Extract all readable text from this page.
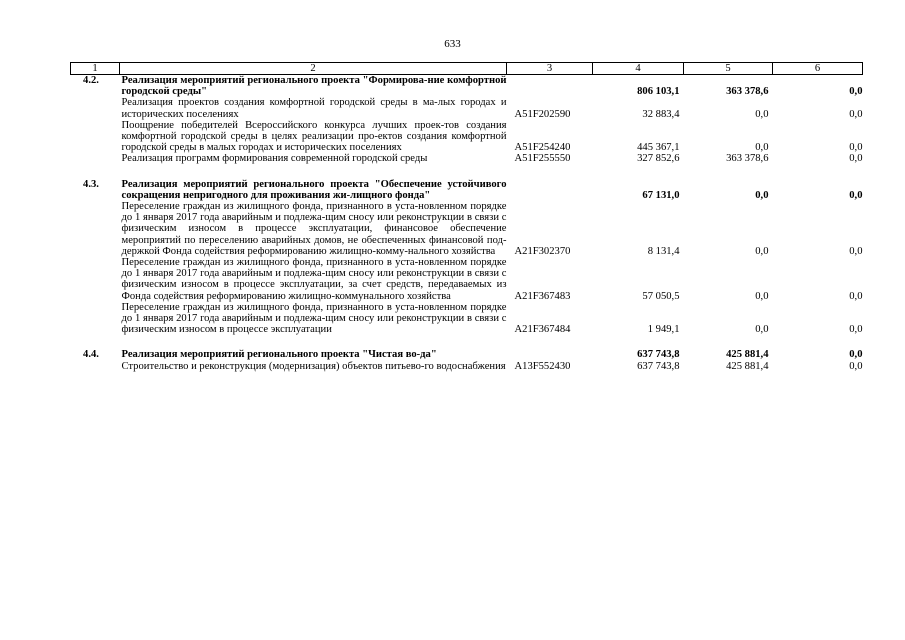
633
1	2	3	4	5	6
4.2.	Реализация мероприятий регионального проекта "Формирова-ние комфортной городской среды"		806 103,1	363 378,6	0,0
	Реализация проектов создания комфортной городской среды в ма-лых городах и исторических поселениях	A51F202590	32 883,4	0,0	0,0
	Поощрение победителей Всероссийского конкурса лучших проек-тов создания комфортной городской среды в целях реализации про-ектов создания комфортной городской среды в малых городах и исторических поселениях	A51F254240	445 367,1	0,0	0,0
	Реализация программ формирования современной городской среды	A51F255550	327 852,6	363 378,6	0,0

4.3.	Реализация мероприятий регионального проекта "Обеспечение устойчивого сокращения непригодного для проживания жи-лищного фонда"		67 131,0	0,0	0,0
	Переселение граждан из жилищного фонда, признанного в уста-новленном порядке до 1 января 2017 года аварийным и подлежа-щим сносу или реконструкции в связи с физическим износом в процессе эксплуатации, финансовое обеспечение мероприятий по переселению аварийных домов, не обеспеченных финансовой под-держкой Фонда содействия реформированию жилищно-комму-нального хозяйства	A21F302370	8 131,4	0,0	0,0
	Переселение граждан из жилищного фонда, признанного в уста-новленном порядке до 1 января 2017 года аварийным и подлежа-щим сносу или реконструкции в связи с физическим износом в процессе эксплуатации, за счет средств, передаваемых из Фонда содействия реформированию жилищно-коммунального хозяйства	A21F367483	57 050,5	0,0	0,0
	Переселение граждан из жилищного фонда, признанного в уста-новленном порядке до 1 января 2017 года аварийным и подлежа-щим сносу или реконструкции в связи с физическим износом в процессе эксплуатации	A21F367484	1 949,1	0,0	0,0

4.4.	Реализация мероприятий регионального проекта "Чистая во-да"		637 743,8	425 881,4	0,0
	Строительство и реконструкция (модернизация) объектов питьево-го водоснабжения	A13F552430	637 743,8	425 881,4	0,0
